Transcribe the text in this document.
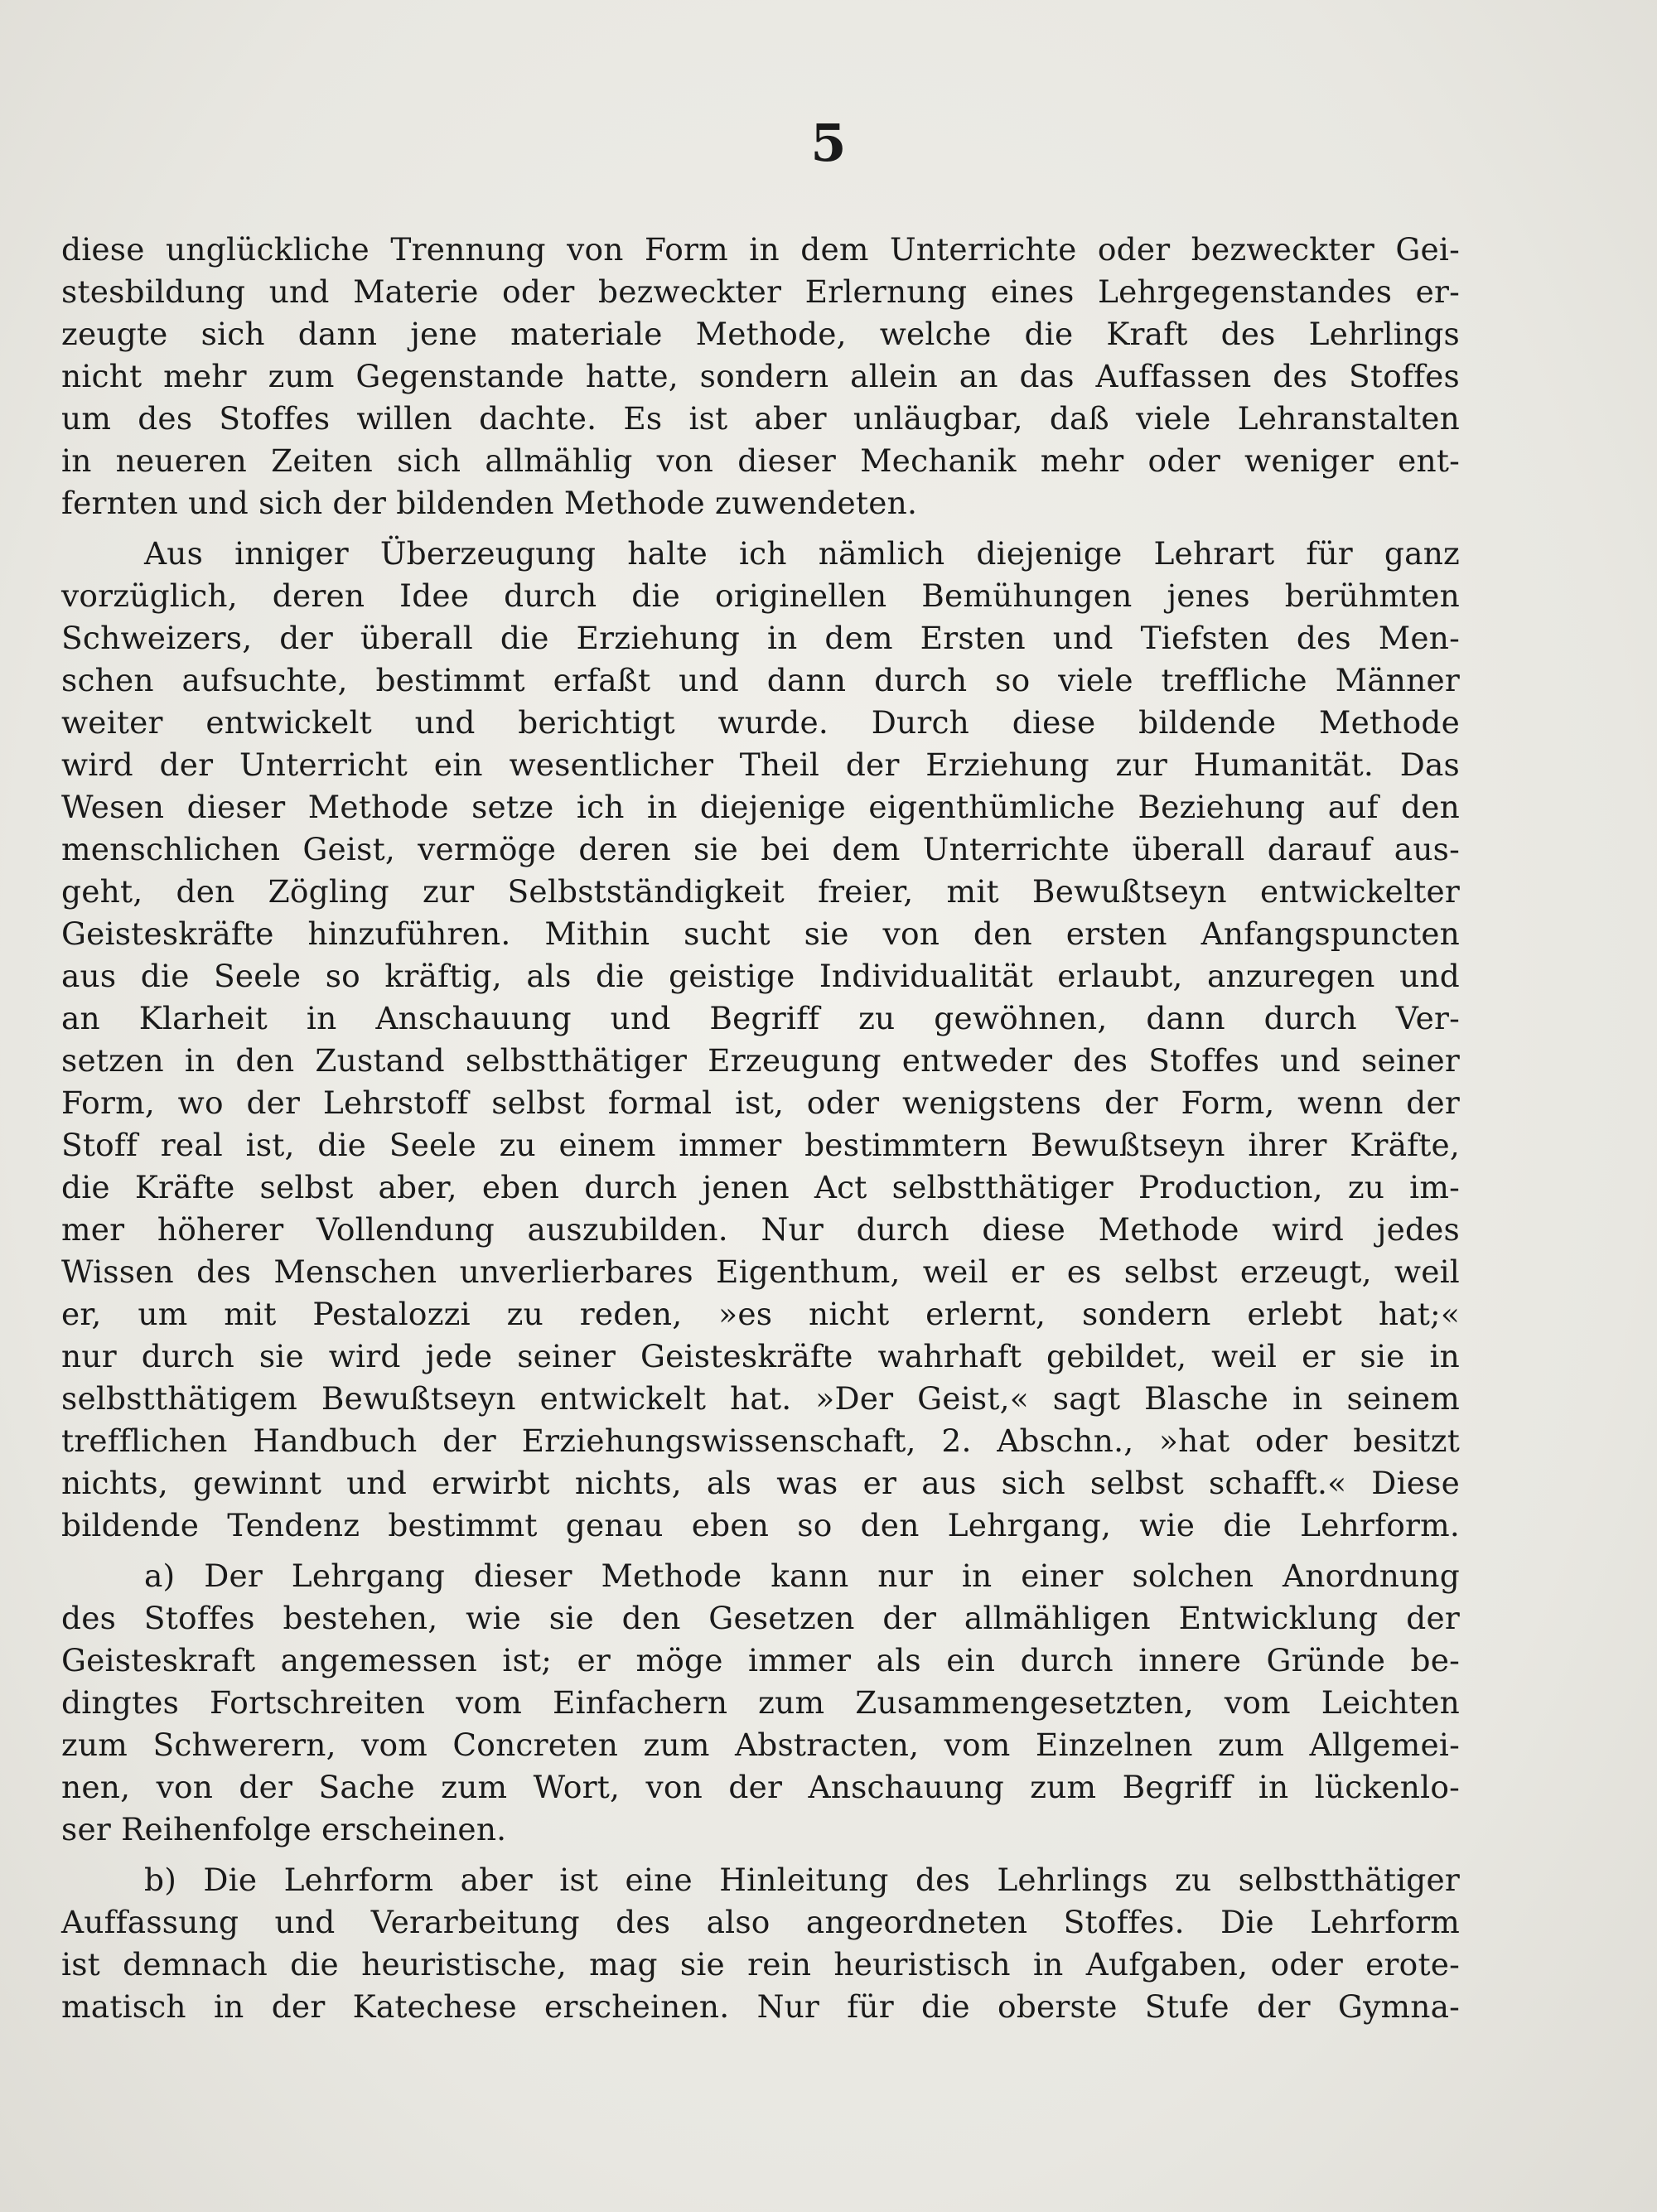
5
diese unglückliche Trennung von Form in dem Unterrichte oder bezweckter Gei-
stesbildung und Materie oder bezweckter Erlernung eines Lehrgegenstandes er-
zeugte sich dann jene materiale Methode, welche die Kraft des Lehrlings
nicht mehr zum Gegenstande hatte, sondern allein an das Auffassen des Stoffes
um des Stoffes willen dachte. Es ist aber unläugbar, daß viele Lehranstalten
in neueren Zeiten sich allmählig von dieser Mechanik mehr oder weniger ent-
fernten und sich der bildenden Methode zuwendeten.
Aus inniger Überzeugung halte ich nämlich diejenige Lehrart für ganz
vorzüglich, deren Idee durch die originellen Bemühungen jenes berühmten
Schweizers, der überall die Erziehung in dem Ersten und Tiefsten des Men-
schen aufsuchte, bestimmt erfaßt und dann durch so viele treffliche Männer
weiter entwickelt und berichtigt wurde. Durch diese bildende Methode
wird der Unterricht ein wesentlicher Theil der Erziehung zur Humanität. Das
Wesen dieser Methode setze ich in diejenige eigenthümliche Beziehung auf den
menschlichen Geist, vermöge deren sie bei dem Unterrichte überall darauf aus-
geht, den Zögling zur Selbstständigkeit freier, mit Bewußtseyn entwickelter
Geisteskräfte hinzuführen. Mithin sucht sie von den ersten Anfangspuncten
aus die Seele so kräftig, als die geistige Individualität erlaubt, anzuregen und
an Klarheit in Anschauung und Begriff zu gewöhnen, dann durch Ver-
setzen in den Zustand selbstthätiger Erzeugung entweder des Stoffes und seiner
Form, wo der Lehrstoff selbst formal ist, oder wenigstens der Form, wenn der
Stoff real ist, die Seele zu einem immer bestimmtern Bewußtseyn ihrer Kräfte,
die Kräfte selbst aber, eben durch jenen Act selbstthätiger Production, zu im-
mer höherer Vollendung auszubilden. Nur durch diese Methode wird jedes
Wissen des Menschen unverlierbares Eigenthum, weil er es selbst erzeugt, weil
er, um mit Pestalozzi zu reden, »es nicht erlernt, sondern erlebt hat;«
nur durch sie wird jede seiner Geisteskräfte wahrhaft gebildet, weil er sie in
selbstthätigem Bewußtseyn entwickelt hat. »Der Geist,« sagt Blasche in seinem
trefflichen Handbuch der Erziehungswissenschaft, 2. Abschn., »hat oder besitzt
nichts, gewinnt und erwirbt nichts, als was er aus sich selbst schafft.« Diese
bildende Tendenz bestimmt genau eben so den Lehrgang, wie die Lehrform.
a) Der Lehrgang dieser Methode kann nur in einer solchen Anordnung
des Stoffes bestehen, wie sie den Gesetzen der allmähligen Entwicklung der
Geisteskraft angemessen ist; er möge immer als ein durch innere Gründe be-
dingtes Fortschreiten vom Einfachern zum Zusammengesetzten, vom Leichten
zum Schwerern, vom Concreten zum Abstracten, vom Einzelnen zum Allgemei-
nen, von der Sache zum Wort, von der Anschauung zum Begriff in lückenlo-
ser Reihenfolge erscheinen.
b) Die Lehrform aber ist eine Hinleitung des Lehrlings zu selbstthätiger
Auffassung und Verarbeitung des also angeordneten Stoffes. Die Lehrform
ist demnach die heuristische, mag sie rein heuristisch in Aufgaben, oder erote-
matisch in der Katechese erscheinen. Nur für die oberste Stufe der Gymna-
